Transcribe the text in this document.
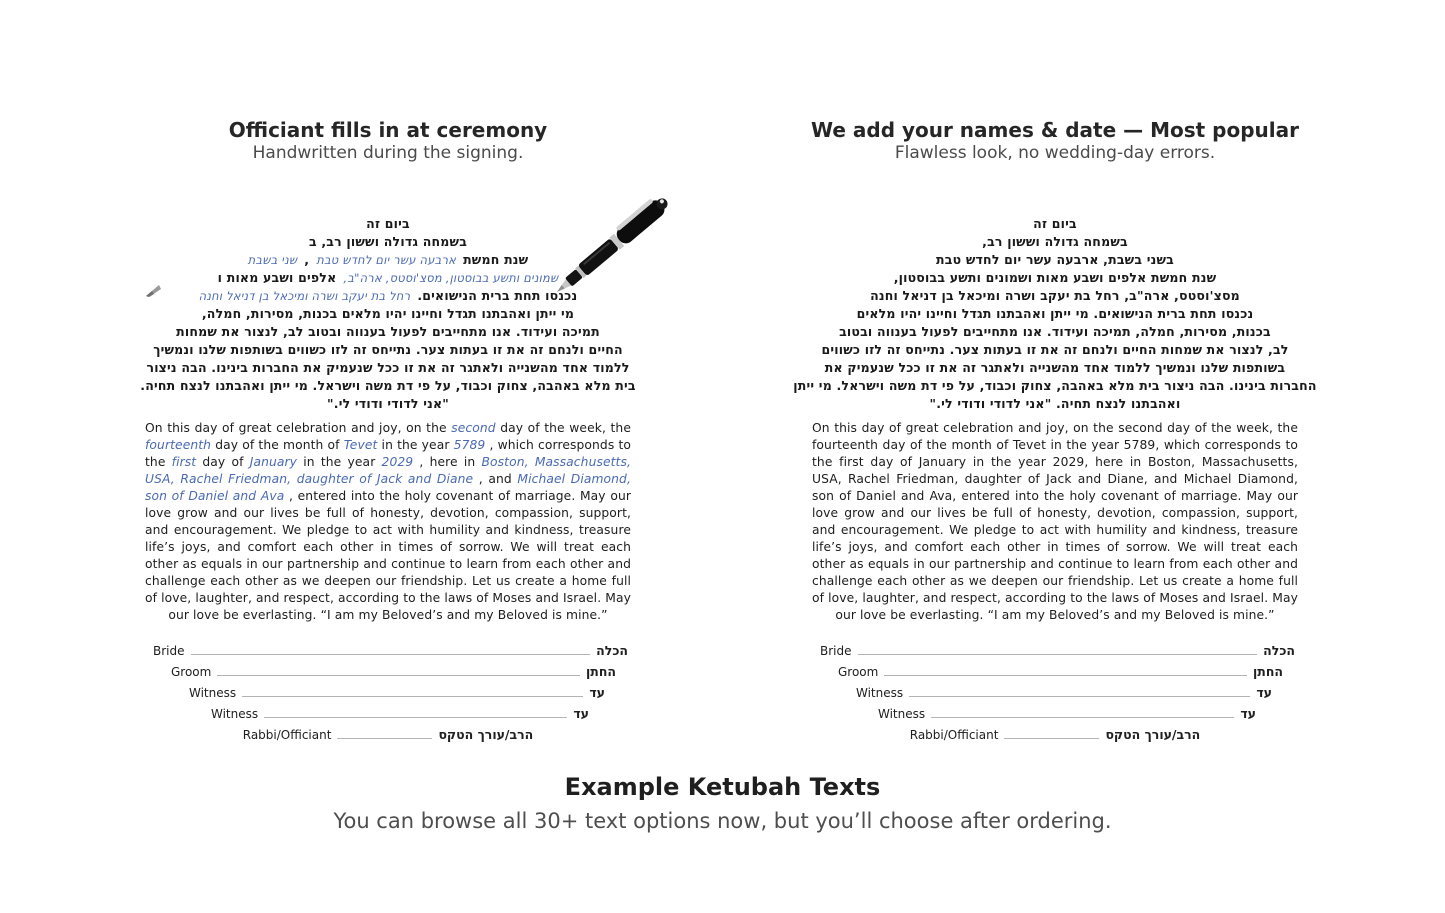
Officiant fills in at ceremony
Handwritten during the signing.
ביום זה
בשמחה גדולה וששון רב, ב
שני בשבת , ארבעה עשר יום לחדש טבת שנת חמשת
אלפים ושבע מאות ו שמונים ותשע בבוסטון, מסצ'וסטס, ארה"ב,
רחל בת יעקב ושרה ומיכאל בן דניאל וחנה נכנסו תחת ברית הנישואים.
מי ייתן ואהבתנו תגדל וחיינו יהיו מלאים בכנות, מסירות, חמלה,
תמיכה ועידוד. אנו מתחייבים לפעול בענווה ובטוב לב, לנצור את שמחות
החיים ולנחם זה את זו בעתות צער. נתייחס זה לזו כשווים בשותפות שלנו ונמשיך
ללמוד אחד מהשנייה ולאתגר זה את זו ככל שנעמיק את החברות בינינו. הבה ניצור
בית מלא באהבה, צחוק וכבוד, על פי דת משה וישראל. מי ייתן ואהבתנו לנצח תחיה.
"אני לדודי ודודי לי."
On this day of great celebration and joy, on the second day of the week, the fourteenth day of the month of Tevet in the year 5789 , which corresponds to the first day of January in the year 2029 , here in Boston, Massachusetts, USA, Rachel Friedman, daughter of Jack and Diane , and Michael Diamond, son of Daniel and Ava , entered into the holy covenant of marriage. May our love grow and our lives be full of honesty, devotion, compassion, support, and encouragement. We pledge to act with humility and kindness, treasure life’s joys, and comfort each other in times of sorrow. We will treat each other as equals in our partnership and continue to learn from each other and challenge each other as we deepen our friendship. Let us create a home full of love, laughter, and respect, according to the laws of Moses and Israel. May our love be everlasting. “I am my Beloved’s and my Beloved is mine.”
Bride	הכלה
Groom	החתן
Witness	עד
Witness	עד
Rabbi/Officiant	הרב/עורך הטקס
We add your names & date — Most popular
Flawless look, no wedding-day errors.
ביום זה
בשמחה גדולה וששון רב,
בשני בשבת, ארבעה עשר יום לחדש טבת
שנת חמשת אלפים ושבע מאות ושמונים ותשע בבוסטון,
מסצ'וסטס, ארה"ב, רחל בת יעקב ושרה ומיכאל בן דניאל וחנה
נכנסו תחת ברית הנישואים. מי ייתן ואהבתנו תגדל וחיינו יהיו מלאים
בכנות, מסירות, חמלה, תמיכה ועידוד. אנו מתחייבים לפעול בענווה ובטוב
לב, לנצור את שמחות החיים ולנחם זה את זו בעתות צער. נתייחס זה לזו כשווים
בשותפות שלנו ונמשיך ללמוד אחד מהשנייה ולאתגר זה את זו ככל שנעמיק את
החברות בינינו. הבה ניצור בית מלא באהבה, צחוק וכבוד, על פי דת משה וישראל. מי ייתן
ואהבתנו לנצח תחיה. "אני לדודי ודודי לי."
On this day of great celebration and joy, on the second day of the week, the fourteenth day of the month of Tevet in the year 5789, which corresponds to the first day of January in the year 2029, here in Boston, Massachusetts, USA, Rachel Friedman, daughter of Jack and Diane, and Michael Diamond, son of Daniel and Ava, entered into the holy covenant of marriage. May our love grow and our lives be full of honesty, devotion, compassion, support, and encouragement. We pledge to act with humility and kindness, treasure life’s joys, and comfort each other in times of sorrow. We will treat each other as equals in our partnership and continue to learn from each other and challenge each other as we deepen our friendship. Let us create a home full of love, laughter, and respect, according to the laws of Moses and Israel. May our love be everlasting. “I am my Beloved’s and my Beloved is mine.”
Bride	הכלה
Groom	החתן
Witness	עד
Witness	עד
Rabbi/Officiant	הרב/עורך הטקס
Example Ketubah Texts
You can browse all 30+ text options now, but you’ll choose after ordering.
